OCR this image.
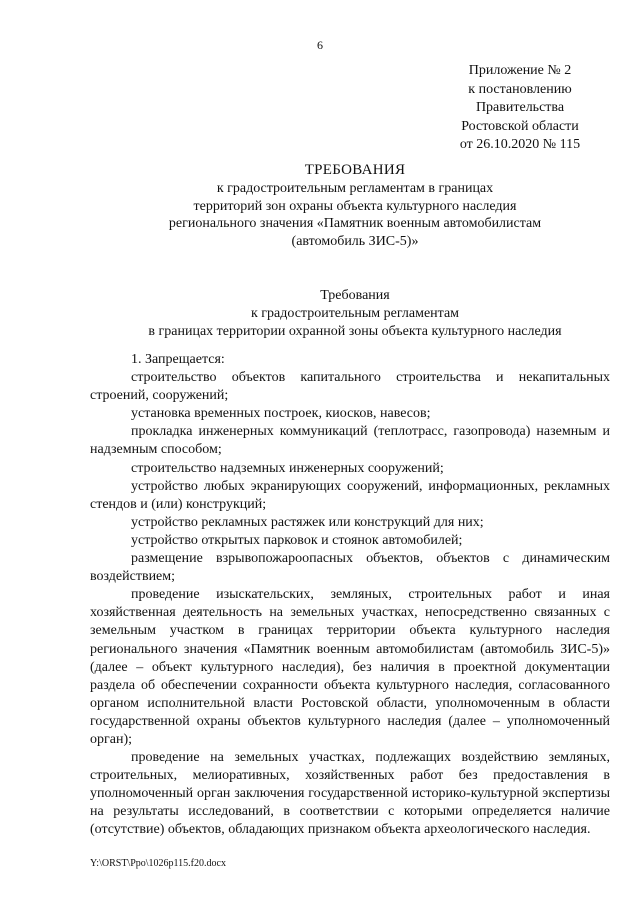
6
Приложение № 2
к постановлению
Правительства
Ростовской области
от 26.10.2020 № 115
ТРЕБОВАНИЯ
к градостроительным регламентам в границах
территорий зон охраны объекта культурного наследия
регионального значения «Памятник военным автомобилистам
(автомобиль ЗИС-5)»
Требования
к градостроительным регламентам
в границах территории охранной зоны объекта культурного наследия

1. Запрещается:

строительство объектов капитального строительства и некапитальных строений, сооружений;

установка временных построек, киосков, навесов;

прокладка инженерных коммуникаций (теплотрасс, газопровода) наземным и надземным способом;

строительство надземных инженерных сооружений;

устройство любых экранирующих сооружений, информационных, рекламных стендов и (или) конструкций;

устройство рекламных растяжек или конструкций для них;

устройство открытых парковок и стоянок автомобилей;

размещение взрывопожароопасных объектов, объектов с динамическим воздействием;

проведение изыскательских, земляных, строительных работ и иная хозяйственная деятельность на земельных участках, непосредственно связанных с земельным участком в границах территории объекта культурного наследия регионального значения «Памятник военным автомобилистам (автомобиль ЗИС-5)» (далее – объект культурного наследия), без наличия в проектной документации раздела об обеспечении сохранности объекта культурного наследия, согласованного органом исполнительной власти Ростовской области, уполномоченным в области государственной охраны объектов культурного наследия (далее – уполномоченный орган);

проведение на земельных участках, подлежащих воздействию земляных, строительных, мелиоративных, хозяйственных работ без предоставления в уполномоченный орган заключения государственной историко-культурной экспертизы на результаты исследований, в соответствии с которыми определяется наличие (отсутствие) объектов, обладающих признаком объекта археологического наследия.

Y:\ORST\Ppo\1026p115.f20.docx
